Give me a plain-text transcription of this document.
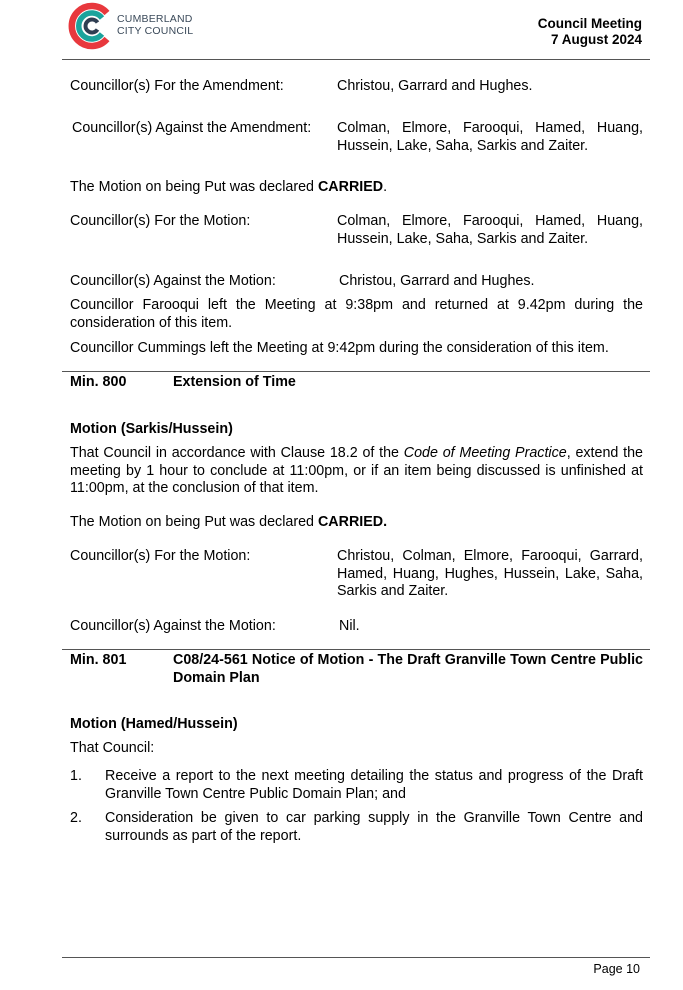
CUMBERLAND
CITY COUNCIL	Council Meeting
7 August 2024
Councillor(s) For the Amendment:	Christou, Garrard and Hughes.
Councillor(s) Against the Amendment: Colman, Elmore, Farooqui, Hamed, Huang, Hussein, Lake, Saha, Sarkis and Zaiter.
The Motion on being Put was declared CARRIED.
Councillor(s) For the Motion:	Colman, Elmore, Farooqui, Hamed, Huang, Hussein, Lake, Saha, Sarkis and Zaiter.
Councillor(s) Against the Motion:	Christou, Garrard and Hughes.
Councillor Farooqui left the Meeting at 9:38pm and returned at 9.42pm during the consideration of this item.
Councillor Cummings left the Meeting at 9:42pm during the consideration of this item.
Min. 800	Extension of Time
Motion (Sarkis/Hussein)
That Council in accordance with Clause 18.2 of the Code of Meeting Practice, extend the meeting by 1 hour to conclude at 11:00pm, or if an item being discussed is unfinished at 11:00pm, at the conclusion of that item.
The Motion on being Put was declared CARRIED.
Councillor(s) For the Motion:	Christou, Colman, Elmore, Farooqui, Garrard, Hamed, Huang, Hughes, Hussein, Lake, Saha, Sarkis and Zaiter.
Councillor(s) Against the Motion:	Nil.
Min. 801	C08/24-561 Notice of Motion - The Draft Granville Town Centre Public Domain Plan
Motion (Hamed/Hussein)
That Council:
1. Receive a report to the next meeting detailing the status and progress of the Draft Granville Town Centre Public Domain Plan; and
2. Consideration be given to car parking supply in the Granville Town Centre and surrounds as part of the report.
Page 10
